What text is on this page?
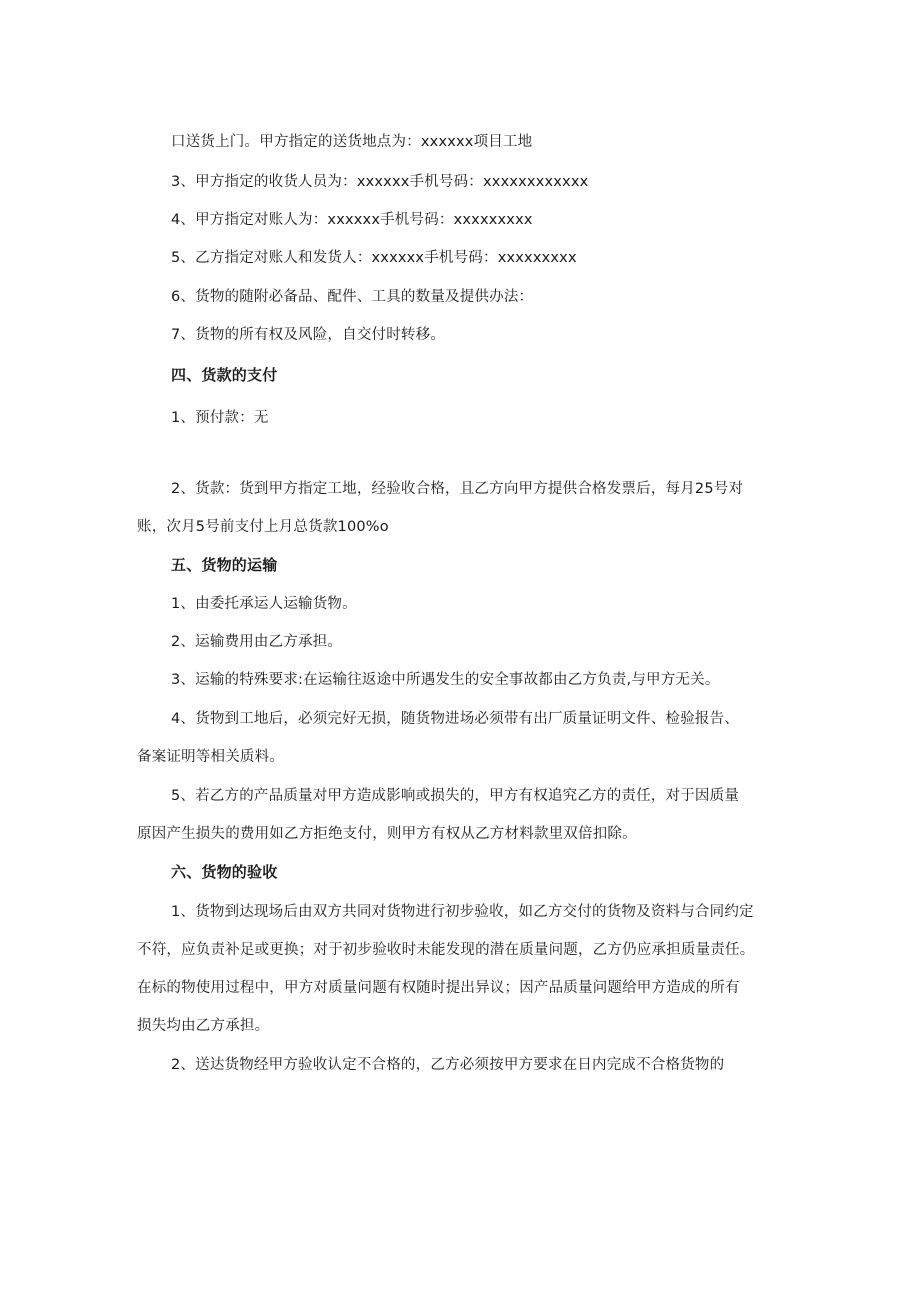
口送货上门。甲方指定的送货地点为：xxxxxx项目工地
3、甲方指定的收货人员为：xxxxxx手机号码：xxxxxxxxxxxx
4、甲方指定对账人为：xxxxxx手机号码：xxxxxxxxx
5、乙方指定对账人和发货人：xxxxxx手机号码：xxxxxxxxx
6、货物的随附必备品、配件、工具的数量及提供办法：
7、货物的所有权及风险，自交付时转移。
四、货款的支付
1、预付款：无
2、货款：货到甲方指定工地，经验收合格，且乙方向甲方提供合格发票后，每月25号对
账，次月5号前支付上月总货款100%o
五、货物的运输
1、由委托承运人运输货物。
2、运输费用由乙方承担。
3、运输的特殊要求:在运输往返途中所遇发生的安全事故都由乙方负责,与甲方无关。
4、货物到工地后，必须完好无损，随货物进场必须带有出厂质量证明文件、检验报告、
备案证明等相关质料。
5、若乙方的产品质量对甲方造成影响或损失的，甲方有权追究乙方的责任，对于因质量
原因产生损失的费用如乙方拒绝支付，则甲方有权从乙方材料款里双倍扣除。
六、货物的验收
1、货物到达现场后由双方共同对货物进行初步验收，如乙方交付的货物及资料与合同约定
不符，应负责补足或更换；对于初步验收时未能发现的潜在质量问题，乙方仍应承担质量责任。
在标的物使用过程中，甲方对质量问题有权随时提出异议；因产品质量问题给甲方造成的所有
损失均由乙方承担。
2、送达货物经甲方验收认定不合格的，乙方必须按甲方要求在日内完成不合格货物的
